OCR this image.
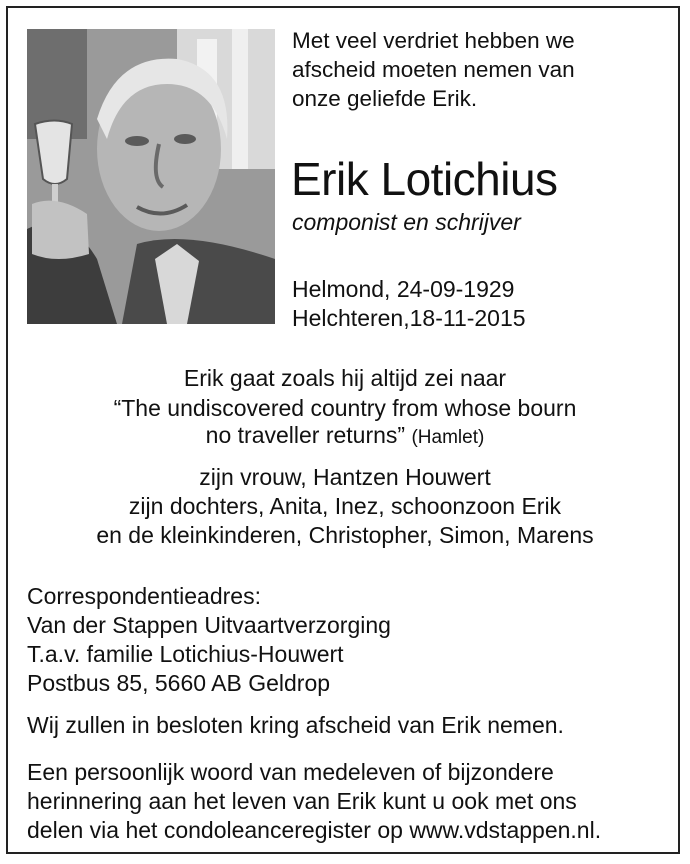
Met veel verdriet hebben we
afscheid moeten nemen van
onze geliefde Erik.
Erik Lotichius
componist en schrijver
Helmond, 24-09-1929
Helchteren,18-11-2015
Erik gaat zoals hij altijd zei naar
“The undiscovered country from whose bourn
no traveller returns” (Hamlet)
zijn vrouw, Hantzen Houwert
zijn dochters, Anita, Inez, schoonzoon Erik
en de kleinkinderen, Christopher, Simon, Marens
Correspondentieadres:
Van der Stappen Uitvaartverzorging
T.a.v. familie Lotichius-Houwert
Postbus 85, 5660 AB Geldrop
Wij zullen in besloten kring afscheid van Erik nemen.
Een persoonlijk woord van medeleven of bijzondere
herinnering aan het leven van Erik kunt u ook met ons
delen via het condoleanceregister op www.vdstappen.nl.
